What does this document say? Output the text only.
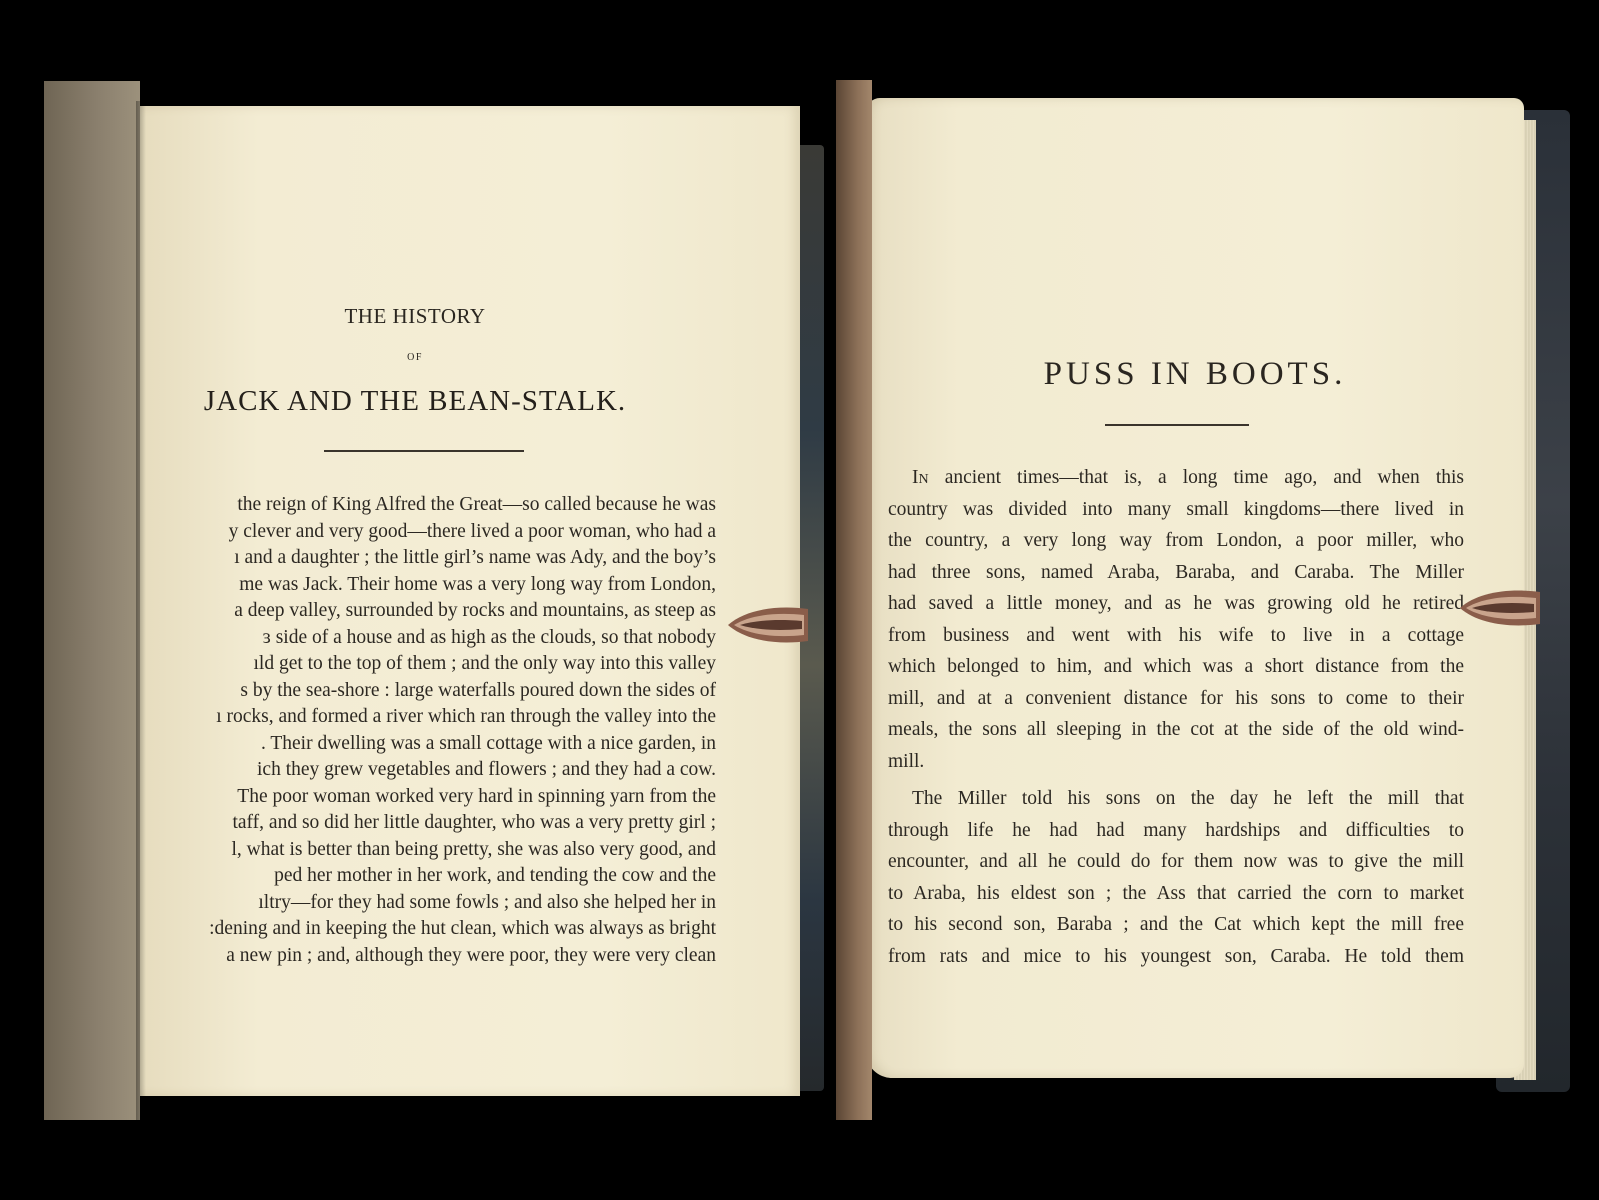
THE HISTORY
OF
JACK AND THE BEAN-STALK.
the reign of King Alfred the Great—so called because he was
y clever and very good—there lived a poor woman, who had a
ı and a daughter ; the little girl’s name was Ady, and the boy’s
me was Jack. Their home was a very long way from London,
a deep valley, surrounded by rocks and mountains, as steep as
ɜ side of a house and as high as the clouds, so that nobody
ıld get to the top of them ; and the only way into this valley
s by the sea-shore : large waterfalls poured down the sides of
ı rocks, and formed a river which ran through the valley into the
. Their dwelling was a small cottage with a nice garden, in
ich they grew vegetables and flowers ; and they had a cow.
The poor woman worked very hard in spinning yarn from the
taff, and so did her little daughter, who was a very pretty girl ;
l, what is better than being pretty, she was also very good, and
ped her mother in her work, and tending the cow and the
ıltry—for they had some fowls ; and also she helped her in
:dening and in keeping the hut clean, which was always as bright
a new pin ; and, although they were poor, they were very clean
PUSS IN BOOTS.
In ancient times—that is, a long time ago, and when this
country was divided into many small kingdoms—there lived in
the country, a very long way from London, a poor miller, who
had three sons, named Araba, Baraba, and Caraba. The Miller
had saved a little money, and as he was growing old he retired
from business and went with his wife to live in a cottage
which belonged to him, and which was a short distance from the
mill, and at a convenient distance for his sons to come to their
meals, the sons all sleeping in the cot at the side of the old wind-
mill.
The Miller told his sons on the day he left the mill that
through life he had had many hardships and difficulties to
encounter, and all he could do for them now was to give the mill
to Araba, his eldest son ; the Ass that carried the corn to market
to his second son, Baraba ; and the Cat which kept the mill free
from rats and mice to his youngest son, Caraba. He told them
